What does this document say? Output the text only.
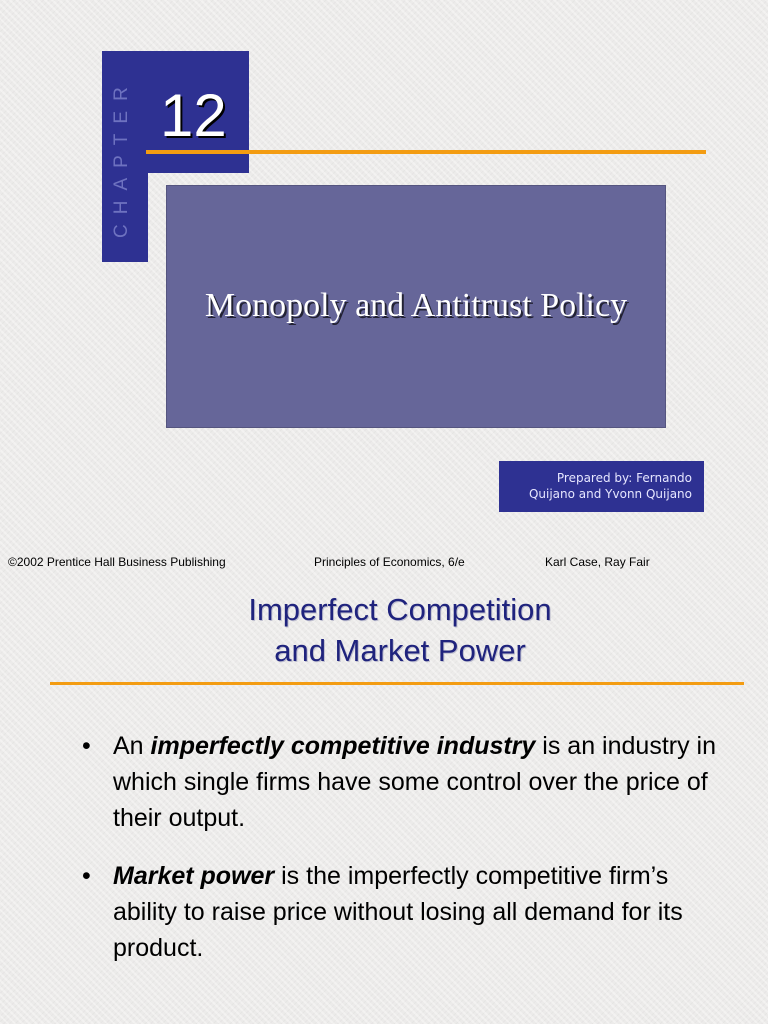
CHAPTER 12
Monopoly and Antitrust Policy
Prepared by: Fernando
Quijano and Yvonn Quijano
©2002 Prentice Hall Business Publishing	Principles of Economics, 6/e	Karl Case, Ray Fair
Imperfect Competition
and Market Power
• An imperfectly competitive industry is an industry in which single firms have some control over the price of their output.
• Market power is the imperfectly competitive firm’s ability to raise price without losing all demand for its product.
